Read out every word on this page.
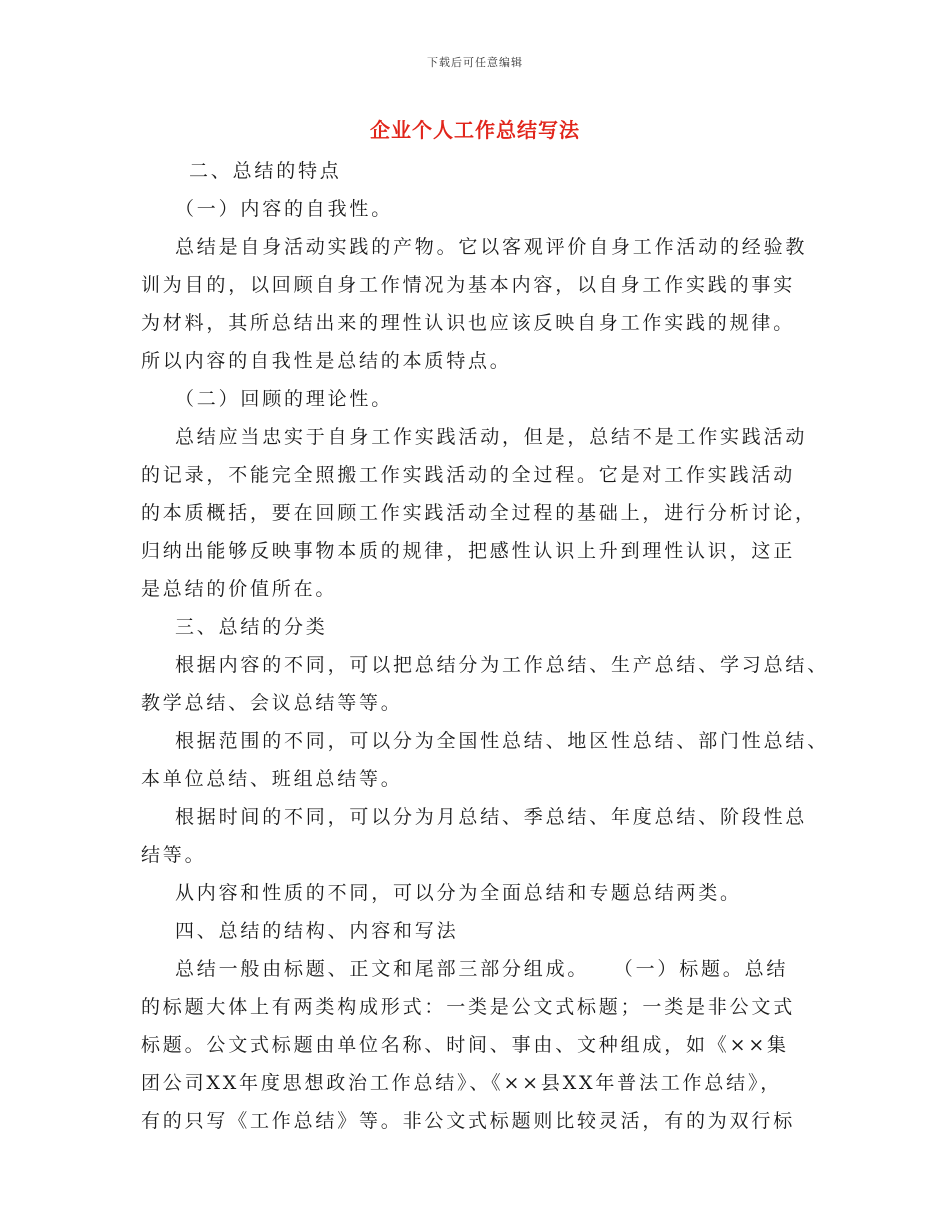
下载后可任意编辑
企业个人工作总结写法
二、总结的特点
（一）内容的自我性。
总结是自身活动实践的产物。它以客观评价自身工作活动的经验教
训为目的，以回顾自身工作情况为基本内容，以自身工作实践的事实
为材料，其所总结出来的理性认识也应该反映自身工作实践的规律。
所以内容的自我性是总结的本质特点。
（二）回顾的理论性。
总结应当忠实于自身工作实践活动，但是，总结不是工作实践活动
的记录，不能完全照搬工作实践活动的全过程。它是对工作实践活动
的本质概括，要在回顾工作实践活动全过程的基础上，进行分析讨论，
归纳出能够反映事物本质的规律，把感性认识上升到理性认识，这正
是总结的价值所在。
三、总结的分类
根据内容的不同，可以把总结分为工作总结、生产总结、学习总结、
教学总结、会议总结等等。
根据范围的不同，可以分为全国性总结、地区性总结、部门性总结、
本单位总结、班组总结等。
根据时间的不同，可以分为月总结、季总结、年度总结、阶段性总
结等。
从内容和性质的不同，可以分为全面总结和专题总结两类。
四、总结的结构、内容和写法
总结一般由标题、正文和尾部三部分组成。　　（一）标题。总结
的标题大体上有两类构成形式：一类是公文式标题；一类是非公文式
标题。公文式标题由单位名称、时间、事由、文种组成，如《××集
团公司XX年度思想政治工作总结》、《××县XX年普法工作总结》，
有的只写《工作总结》等。非公文式标题则比较灵活，有的为双行标
